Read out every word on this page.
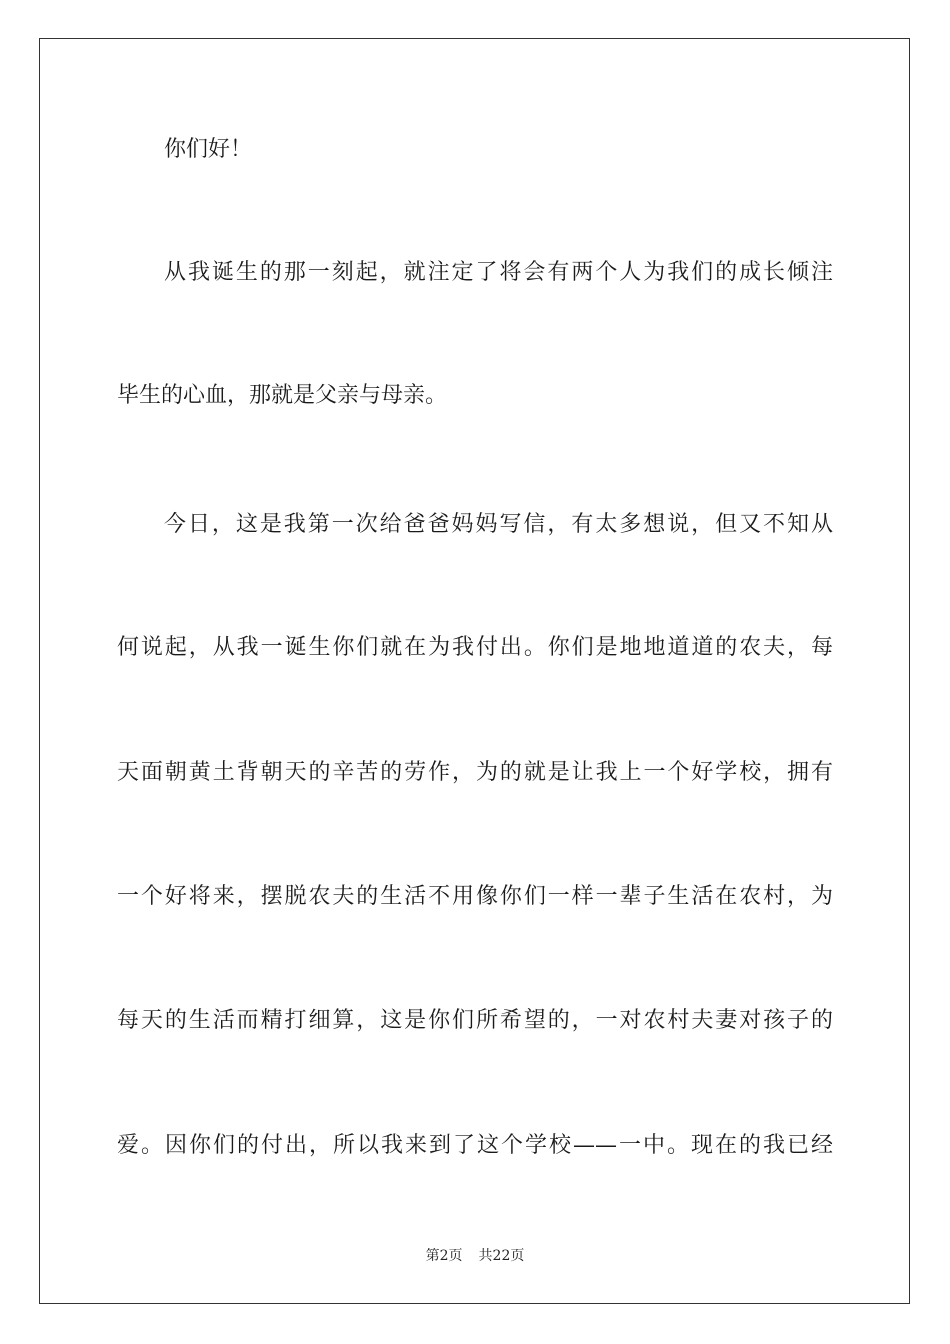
你们好！
从我诞生的那一刻起，就注定了将会有两个人为我们的成长倾注
毕生的心血，那就是父亲与母亲。
今日，这是我第一次给爸爸妈妈写信，有太多想说，但又不知从
何说起，从我一诞生你们就在为我付出。你们是地地道道的农夫，每
天面朝黄土背朝天的辛苦的劳作，为的就是让我上一个好学校，拥有
一个好将来，摆脱农夫的生活不用像你们一样一辈子生活在农村，为
每天的生活而精打细算，这是你们所希望的，一对农村夫妻对孩子的
爱。因你们的付出，所以我来到了这个学校——一中。现在的我已经
第2页 共22页
